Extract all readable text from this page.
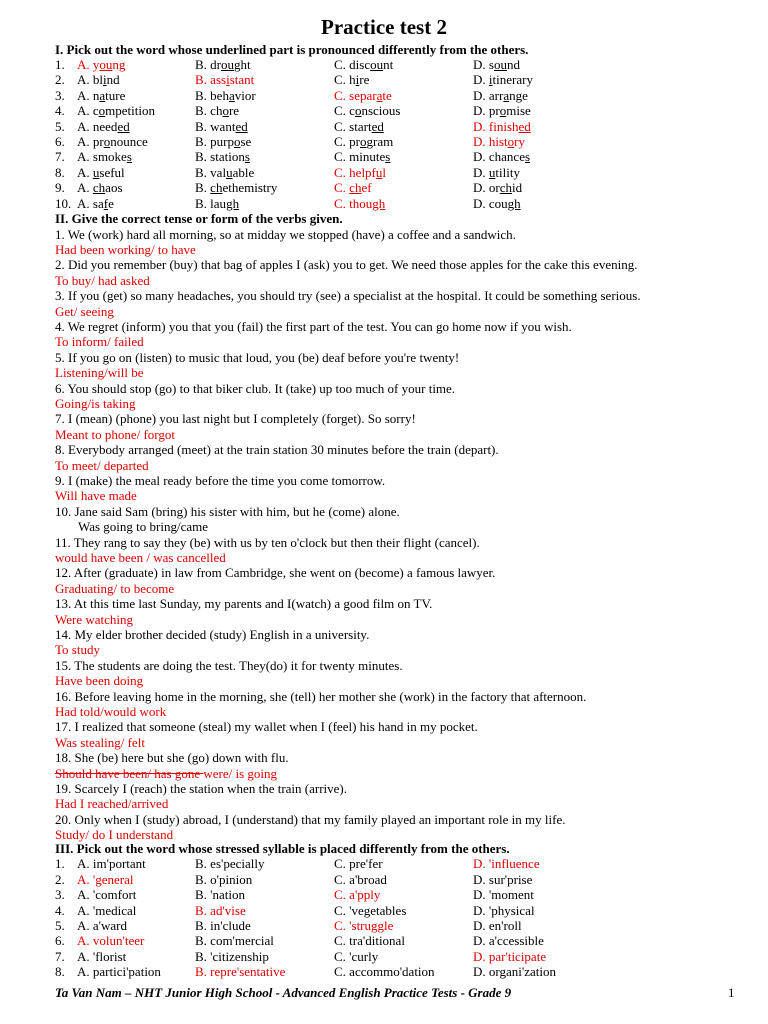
Practice test 2
I. Pick out the word whose underlined part is pronounced differently from the others.
1. A. young	B. drought	C. discount	D. sound
2. A. blind	B. assistant	C. hire	D. itinerary
3. A. nature	B. behavior	C. separate	D. arrange
4. A. competition	B. chore	C. conscious	D. promise
5. A. needed	B. wanted	C. started	D. finished
6. A. pronounce	B. purpose	C. program	D. history
7. A. smokes	B. stations	C. minutes	D. chances
8. A. useful	B. valuable	C. helpful	D. utility
9. A. chaos	B. chethemistry	C. chef	D. orchid
10. A. safe	B. laugh	C. though	D. cough
II. Give the correct tense or form of the verbs given.
1. We (work) hard all morning, so at midday we stopped (have) a coffee and a sandwich.
Had been working/ to have
2. Did you remember (buy) that bag of apples I (ask) you to get. We need those apples for the cake this evening.
To buy/ had asked
3. If you (get) so many headaches, you should try (see) a specialist at the hospital. It could be something serious.
Get/ seeing
4. We regret (inform) you that you (fail) the first part of the test. You can go home now if you wish.
To inform/ failed
5. If you go on (listen) to music that loud, you (be) deaf before you're twenty!
Listening/will be
6. You should stop (go) to that biker club. It (take) up too much of your time.
Going/is taking
7. I (mean) (phone) you last night but I completely (forget). So sorry!
Meant to phone/ forgot
8. Everybody arranged (meet) at the train station 30 minutes before the train (depart).
To meet/ departed
9. I (make) the meal ready before the time you come tomorrow.
Will have made
10. Jane said Sam (bring) his sister with him, but he (come) alone.
Was going to bring/came
11. They rang to say they (be) with us by ten o'clock but then their flight (cancel).
would have been / was cancelled
12. After (graduate) in law from Cambridge, she went on (become) a famous lawyer.
Graduating/ to become
13. At this time last Sunday, my parents and I(watch) a good film on TV.
Were watching
14. My elder brother decided (study) English in a university.
To study
15. The students are doing the test. They(do) it for twenty minutes.
Have been doing
16. Before leaving home in the morning, she (tell) her mother she (work) in the factory that afternoon.
Had told/would work
17. I realized that someone (steal) my wallet when I (feel) his hand in my pocket.
Was stealing/ felt
18. She (be) here but she (go) down with flu.
Should have been/ has gone were/ is going
19. Scarcely I (reach) the station when the train (arrive).
Had I reached/arrived
20. Only when I (study) abroad, I (understand) that my family played an important role in my life.
Study/ do I understand
III. Pick out the word whose stressed syllable is placed differently from the others.
1. A. im'portant	B. es'pecially	C. pre'fer	D. 'influence
2. A. 'general	B. o'pinion	C. a'broad	D. sur'prise
3. A. 'comfort	B. 'nation	C. a'pply	D. 'moment
4. A. 'medical	B. ad'vise	C. 'vegetables	D. 'physical
5. A. a'ward	B. in'clude	C. 'struggle	D. en'roll
6. A. volun'teer	B. com'mercial	C. tra'ditional	D. a'ccessible
7. A. 'florist	B. 'citizenship	C. 'curly	D. par'ticipate
8. A. partici'pation	B. repre'sentative	C. accommo'dation	D. organi'zation
Ta Van Nam – NHT Junior High School - Advanced English Practice Tests - Grade 9	1
